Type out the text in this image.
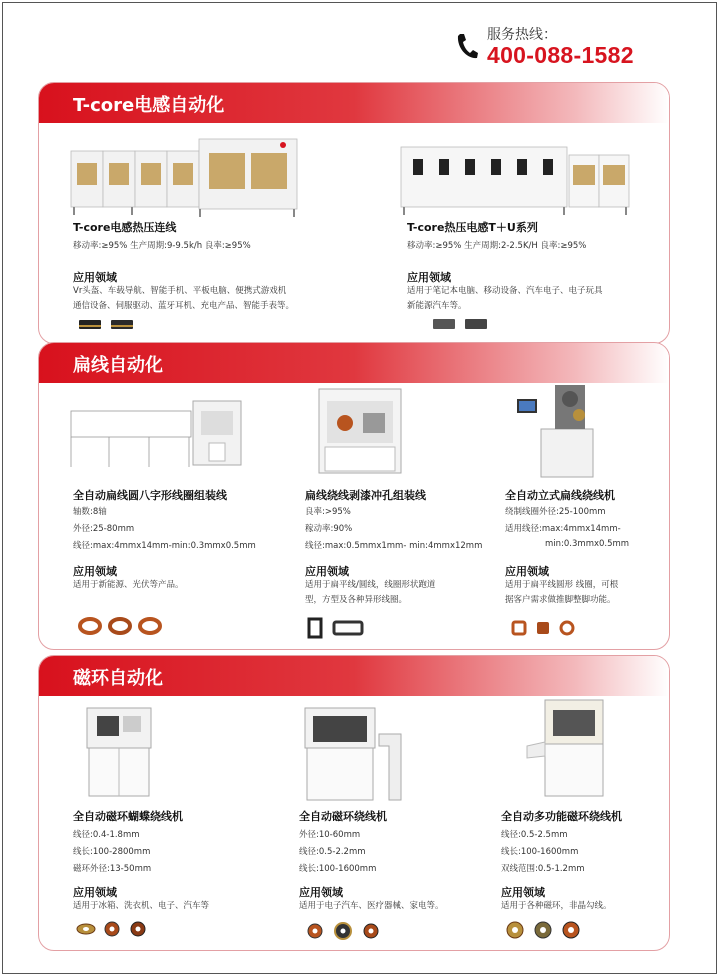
服务热线：
400-088-1582
T-core电感自动化
T-core电感热压连线
移动率:≥95% 生产周期:9-9.5k/h 良率:≥95%
应用领域
Vr头盔、车载导航、智能手机、平板电脑、便携式游戏机
通信设备、伺服驱动、蓝牙耳机、充电产品、智能手表等。
T-core热压电感T＋U系列
移动率:≥95% 生产周期:2-2.5K/H 良率:≥95%
应用领域
适用于笔记本电脑、移动设备、汽车电子、电子玩具
新能源汽车等。
扁线自动化
全自动扁线圆八字形线圈组装线
轴数:8轴
外径:25-80mm
线径:max:4mmx14mm-min:0.3mmx0.5mm
应用领域
适用于新能源、光伏等产品。
扁线绕线剥漆冲孔组装线
良率:>95%
稼动率:90%
线径:max:0.5mmx1mm- min:4mmx12mm
应用领域
适用于扁平线/圆线，线圈形状跑道
型，方型及各种异形线圈。
全自动立式扁线绕线机
绕制线圈外径:25-100mm
适用线径:max:4mmx14mm-
min:0.3mmx0.5mm
应用领域
适用于扁平线圆形 线圈，可根
据客户需求做推脚整脚功能。
磁环自动化
全自动磁环蝴蝶绕线机
线径:0.4-1.8mm
线长:100-2800mm
磁环外径:13-50mm
应用领域
适用于冰箱、洗衣机、电子、汽车等
全自动磁环绕线机
外径:10-60mm
线径:0.5-2.2mm
线长:100-1600mm
应用领域
适用于电子汽车、医疗器械、家电等。
全自动多功能磁环绕线机
线径:0.5-2.5mm
线长:100-1600mm
双线范围:0.5-1.2mm
应用领域
适用于各种磁环，非晶勾线。
